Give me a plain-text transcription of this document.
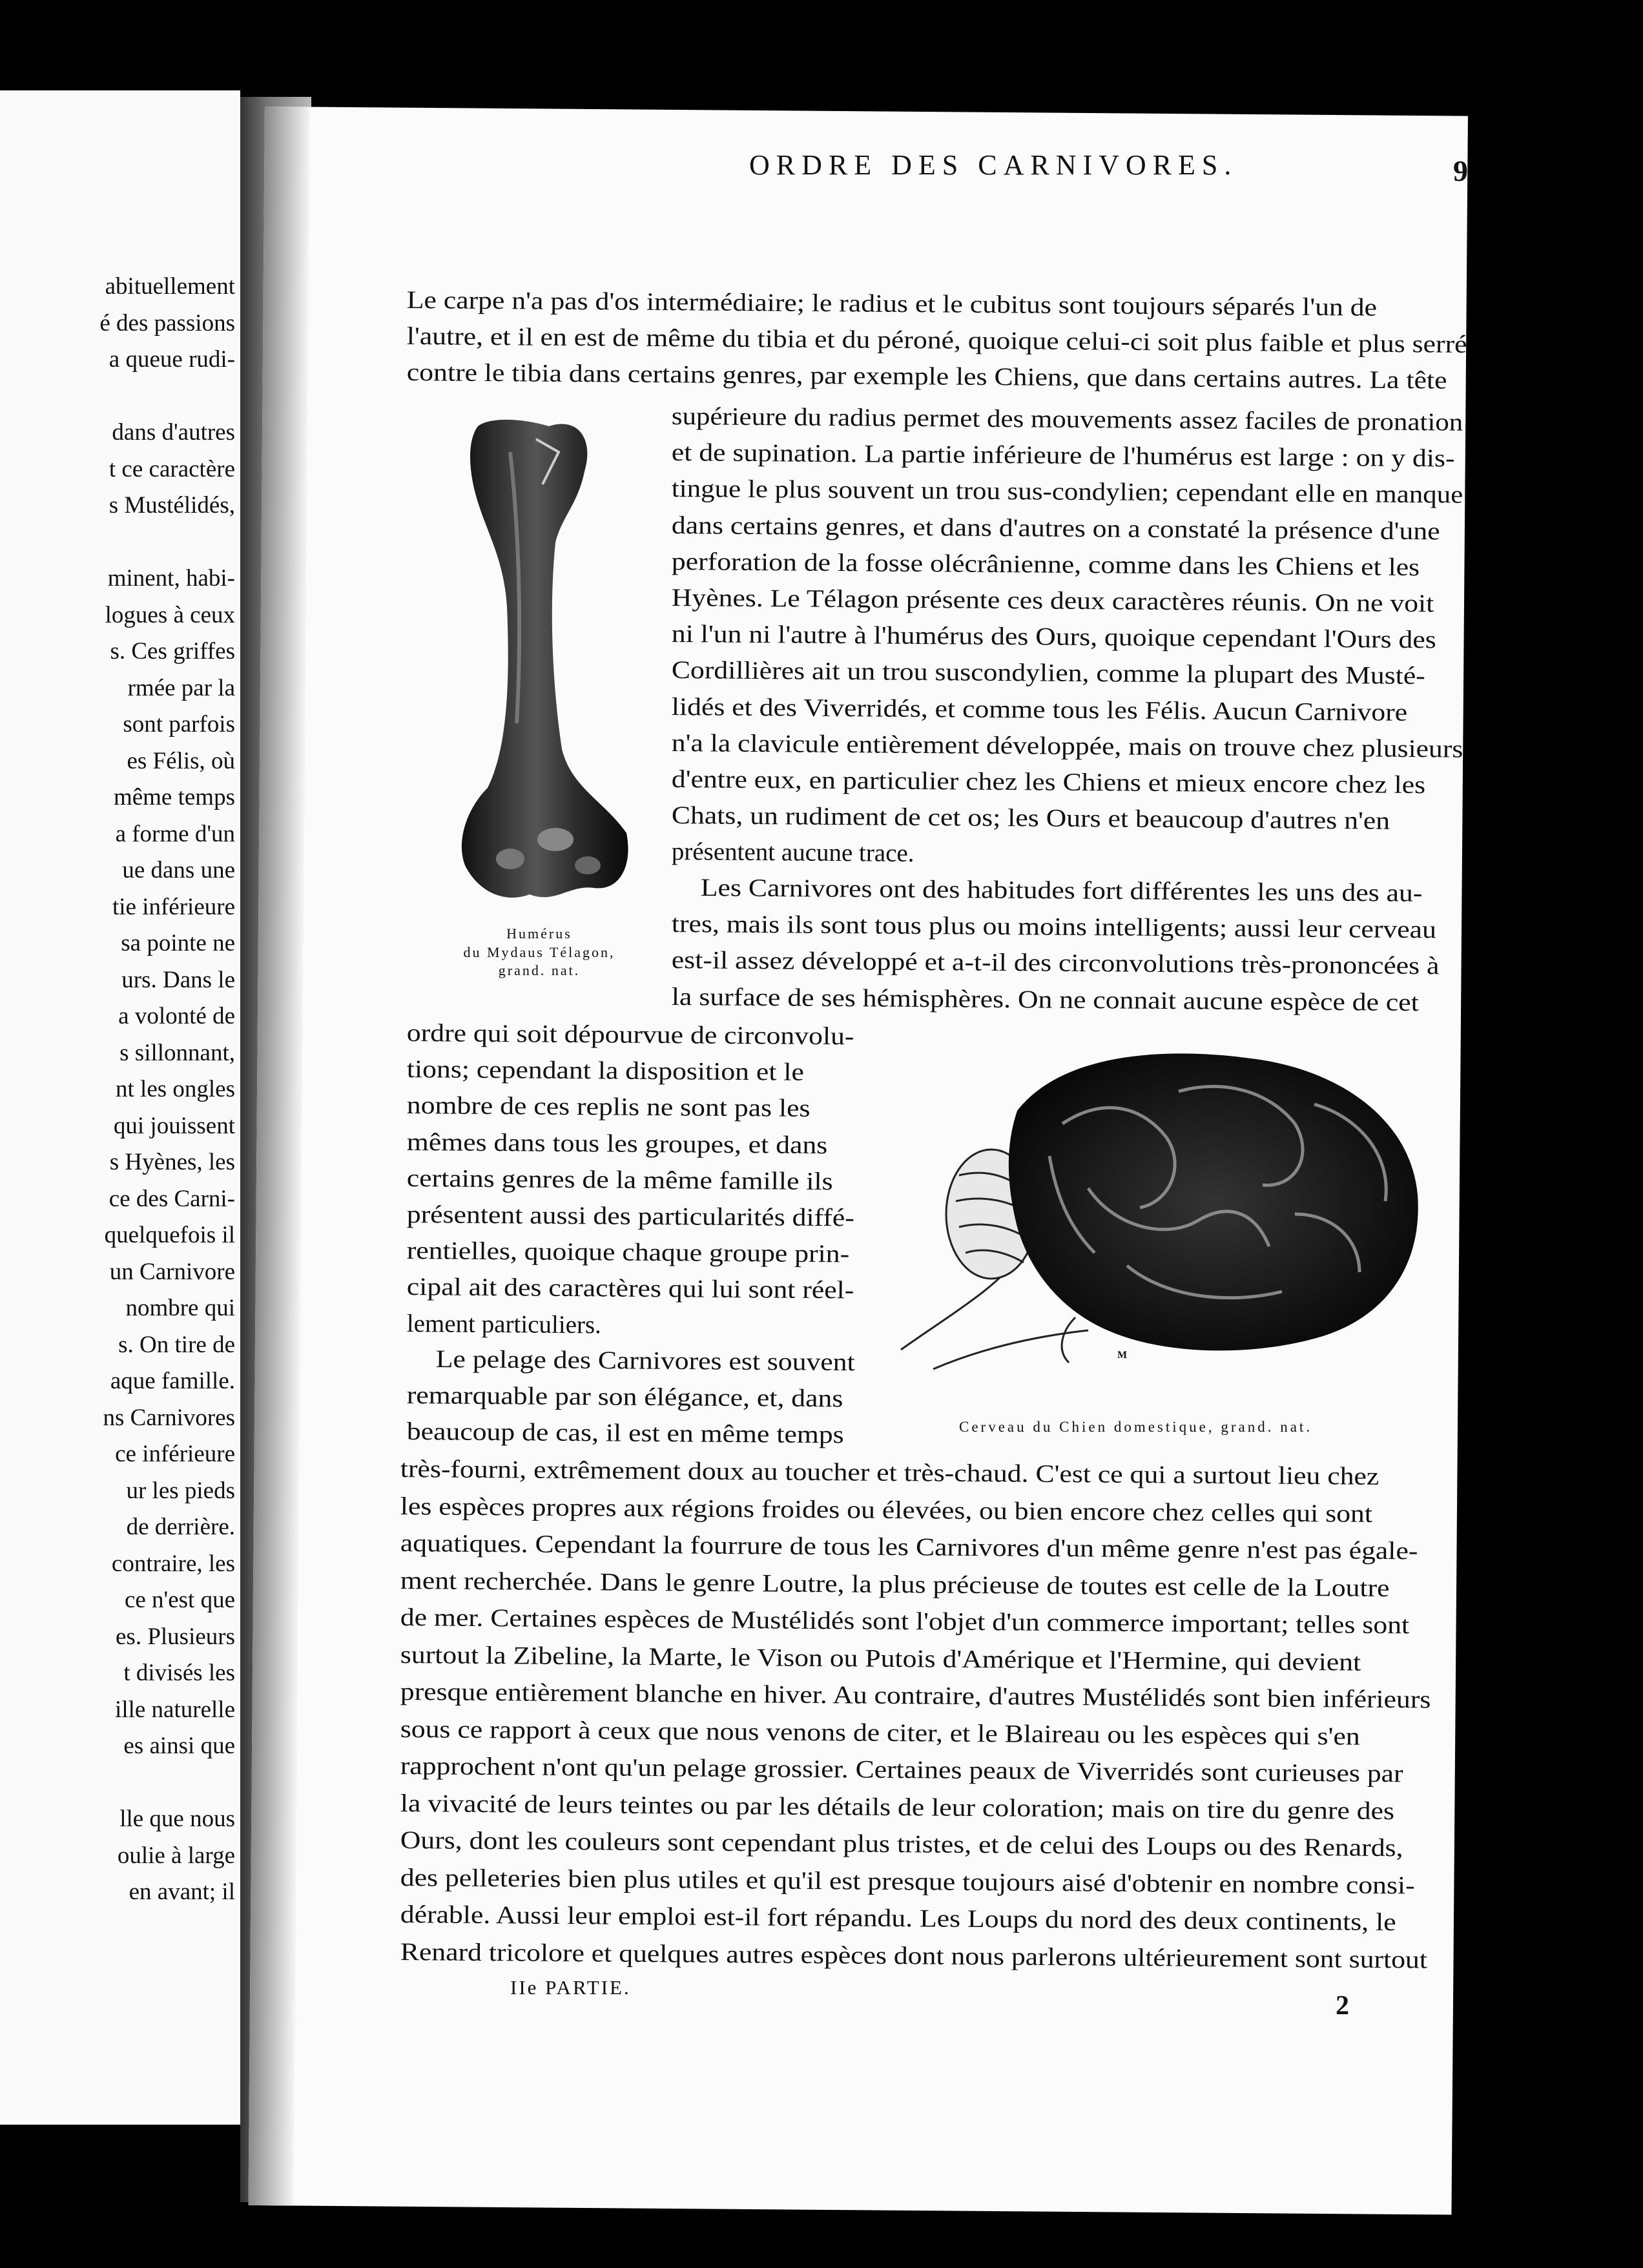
abituellement
é des passions
a queue rudi-
dans d'autres
t ce caractère
s Mustélidés,
minent, habi-
logues à ceux
s. Ces griffes
rmée par la
sont parfois
es Félis, où
même temps
a forme d'un
ue dans une
tie inférieure
sa pointe ne
urs. Dans le
a volonté de
s sillonnant,
nt les ongles
qui jouissent
s Hyènes, les
ce des Carni-
quelquefois il
un Carnivore
nombre qui
s. On tire de
aque famille.
ns Carnivores
ce inférieure
ur les pieds
de derrière.
contraire, les
ce n'est que
es. Plusieurs
t divisés les
ille naturelle
es ainsi que
lle que nous
oulie à large
en avant; il
ORDRE DES CARNIVORES.	9
Humérus
du Mydaus Télagon,
grand. nat.
M
Cerveau du Chien domestique, grand. nat.
Le carpe n'a pas d'os intermédiaire; le radius et le cubitus sont toujours séparés l'un de
l'autre, et il en est de même du tibia et du péroné, quoique celui-ci soit plus faible et plus serré
contre le tibia dans certains genres, par exemple les Chiens, que dans certains autres. La tête
supérieure du radius permet des mouvements assez faciles de pronation
et de supination. La partie inférieure de l'humérus est large : on y dis-
tingue le plus souvent un trou sus-condylien; cependant elle en manque
dans certains genres, et dans d'autres on a constaté la présence d'une
perforation de la fosse olécrânienne, comme dans les Chiens et les
Hyènes. Le Télagon présente ces deux caractères réunis. On ne voit
ni l'un ni l'autre à l'humérus des Ours, quoique cependant l'Ours des
Cordillières ait un trou suscondylien, comme la plupart des Musté-
lidés et des Viverridés, et comme tous les Félis. Aucun Carnivore
n'a la clavicule entièrement développée, mais on trouve chez plusieurs
d'entre eux, en particulier chez les Chiens et mieux encore chez les
Chats, un rudiment de cet os; les Ours et beaucoup d'autres n'en
présentent aucune trace.
Les Carnivores ont des habitudes fort différentes les uns des au-
tres, mais ils sont tous plus ou moins intelligents; aussi leur cerveau
est-il assez développé et a-t-il des circonvolutions très-prononcées à
la surface de ses hémisphères. On ne connait aucune espèce de cet
ordre qui soit dépourvue de circonvolu-
tions; cependant la disposition et le
nombre de ces replis ne sont pas les
mêmes dans tous les groupes, et dans
certains genres de la même famille ils
présentent aussi des particularités diffé-
rentielles, quoique chaque groupe prin-
cipal ait des caractères qui lui sont réel-
lement particuliers.
Le pelage des Carnivores est souvent
remarquable par son élégance, et, dans
beaucoup de cas, il est en même temps
très-fourni, extrêmement doux au toucher et très-chaud. C'est ce qui a surtout lieu chez
les espèces propres aux régions froides ou élevées, ou bien encore chez celles qui sont
aquatiques. Cependant la fourrure de tous les Carnivores d'un même genre n'est pas égale-
ment recherchée. Dans le genre Loutre, la plus précieuse de toutes est celle de la Loutre
de mer. Certaines espèces de Mustélidés sont l'objet d'un commerce important; telles sont
surtout la Zibeline, la Marte, le Vison ou Putois d'Amérique et l'Hermine, qui devient
presque entièrement blanche en hiver. Au contraire, d'autres Mustélidés sont bien inférieurs
sous ce rapport à ceux que nous venons de citer, et le Blaireau ou les espèces qui s'en
rapprochent n'ont qu'un pelage grossier. Certaines peaux de Viverridés sont curieuses par
la vivacité de leurs teintes ou par les détails de leur coloration; mais on tire du genre des
Ours, dont les couleurs sont cependant plus tristes, et de celui des Loups ou des Renards,
des pelleteries bien plus utiles et qu'il est presque toujours aisé d'obtenir en nombre consi-
dérable. Aussi leur emploi est-il fort répandu. Les Loups du nord des deux continents, le
Renard tricolore et quelques autres espèces dont nous parlerons ultérieurement sont surtout
IIe PARTIE.
2
